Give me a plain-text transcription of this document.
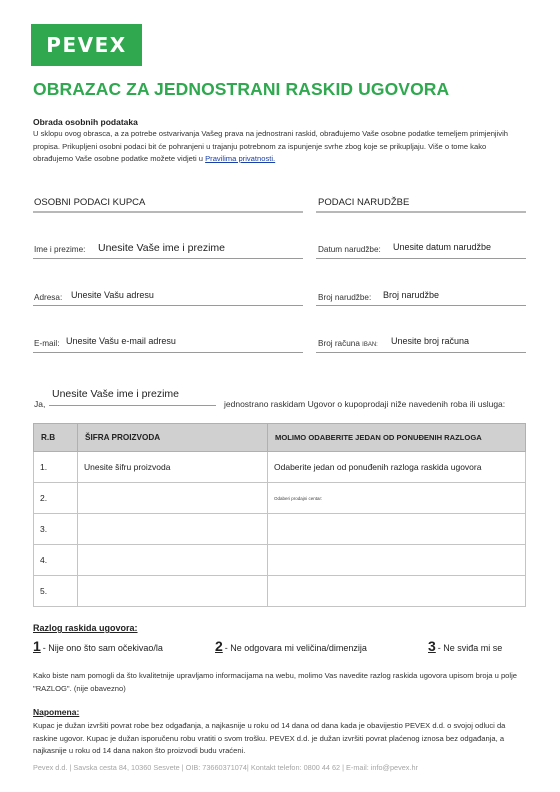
PEVEX
OBRAZAC ZA JEDNOSTRANI RASKID UGOVORA
Obrada osobnih podataka
U sklopu ovog obrasca, a za potrebe ostvarivanja Vašeg prava na jednostrani raskid, obrađujemo Vaše osobne podatke temeljem primjenjivih propisa. Prikupljeni osobni podaci bit će pohranjeni u trajanju potrebnom za ispunjenje svrhe zbog koje se prikupljaju. Više o tome kako obrađujemo Vaše osobne podatke možete vidjeti u Pravilima privatnosti.
OSOBNI PODACI KUPCA
Ime i prezime: Unesite Vaše ime i prezime
Adresa: Unesite Vašu adresu
E-mail: Unesite Vašu e-mail adresu
PODACI NARUDŽBE
Datum narudžbe: Unesite datum narudžbe
Broj narudžbe: Broj narudžbe
Broj računa IBAN: Unesite broj računa
Ja,
Unesite Vaše ime i prezime
jednostrano raskidam Ugovor o kupoprodaji niže navedenih roba ili usluga:
R.B	ŠIFRA PROIZVODA	MOLIMO ODABERITE JEDAN OD PONUĐENIH RAZLOGA
1.	Unesite šifru proizvoda	Odaberite jedan od ponuđenih razloga raskida ugovora
2.		Odaberi prodajni centar:
3.		
4.		
5.		
Razlog raskida ugovora:
1 - Nije ono što sam očekivao/la	2 - Ne odgovara mi veličina/dimenzija	3 - Ne sviđa mi se
Kako biste nam pomogli da što kvalitetnije upravljamo informacijama na webu, molimo Vas navedite razlog raskida ugovora upisom broja u polje "RAZLOG". (nije obavezno)
Napomena:
Kupac je dužan izvršiti povrat robe bez odgađanja, a najkasnije u roku od 14 dana od dana kada je obavijestio PEVEX d.d. o svojoj odluci da raskine ugovor. Kupac je dužan isporučenu robu vratiti o svom trošku. PEVEX d.d. je dužan izvršiti povrat plaćenog iznosa bez odgađanja, a najkasnije u roku od 14 dana nakon što proizvodi budu vraćeni.
Pevex d.d. | Savska cesta 84, 10360 Sesvete | OIB: 73660371074| Kontakt telefon: 0800 44 62 | E-mail: info@pevex.hr
